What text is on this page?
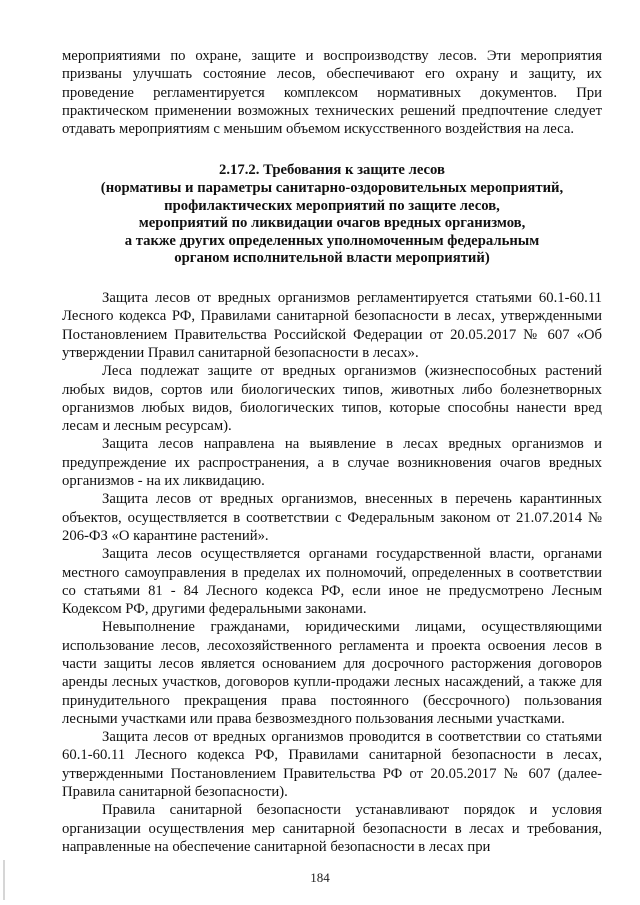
мероприятиями по охране, защите и воспроизводству лесов. Эти мероприятия призваны улучшать состояние лесов, обеспечивают его охрану и защиту, их проведение регламентируется комплексом нормативных документов. При практическом применении возможных технических решений предпочтение следует отдавать мероприятиям с меньшим объемом искусственного воздействия на леса.

2.17.2. Требования к защите лесов

(нормативы и параметры санитарно-оздоровительных мероприятий,

профилактических мероприятий по защите лесов,

мероприятий по ликвидации очагов вредных организмов,

а также других определенных уполномоченным федеральным

органом исполнительной власти мероприятий)

Защита лесов от вредных организмов регламентируется статьями 60.1-60.11 Лесного кодекса РФ, Правилами санитарной безопасности в лесах, утвержденными Постановлением Правительства Российской Федерации от 20.05.2017 № 607 «Об утверждении Правил санитарной безопасности в лесах».

Леса подлежат защите от вредных организмов (жизнеспособных растений любых видов, сортов или биологических типов, животных либо болезнетворных организмов любых видов, биологических типов, которые способны нанести вред лесам и лесным ресурсам).

Защита лесов направлена на выявление в лесах вредных организмов и предупреждение их распространения, а в случае возникновения очагов вредных организмов - на их ликвидацию.

Защита лесов от вредных организмов, внесенных в перечень карантинных объектов, осуществляется в соответствии с Федеральным законом от 21.07.2014 № 206-ФЗ «О карантине растений».

Защита лесов осуществляется органами государственной власти, органами местного самоуправления в пределах их полномочий, определенных в соответствии со статьями 81 - 84 Лесного кодекса РФ, если иное не предусмотрено Лесным Кодексом РФ, другими федеральными законами.

Невыполнение гражданами, юридическими лицами, осуществляющими использование лесов, лесохозяйственного регламента и проекта освоения лесов в части защиты лесов является основанием для досрочного расторжения договоров аренды лесных участков, договоров купли-продажи лесных насаждений, а также для принудительного прекращения права постоянного (бессрочного) пользования лесными участками или права безвозмездного пользования лесными участками.

Защита лесов от вредных организмов проводится в соответствии со статьями 60.1-60.11 Лесного кодекса РФ, Правилами санитарной безопасности в лесах, утвержденными Постановлением Правительства РФ от 20.05.2017 № 607 (далее-Правила санитарной безопасности).

Правила санитарной безопасности устанавливают порядок и условия организации осуществления мер санитарной безопасности в лесах и требования, направленные на обеспечение санитарной безопасности в лесах при

184
